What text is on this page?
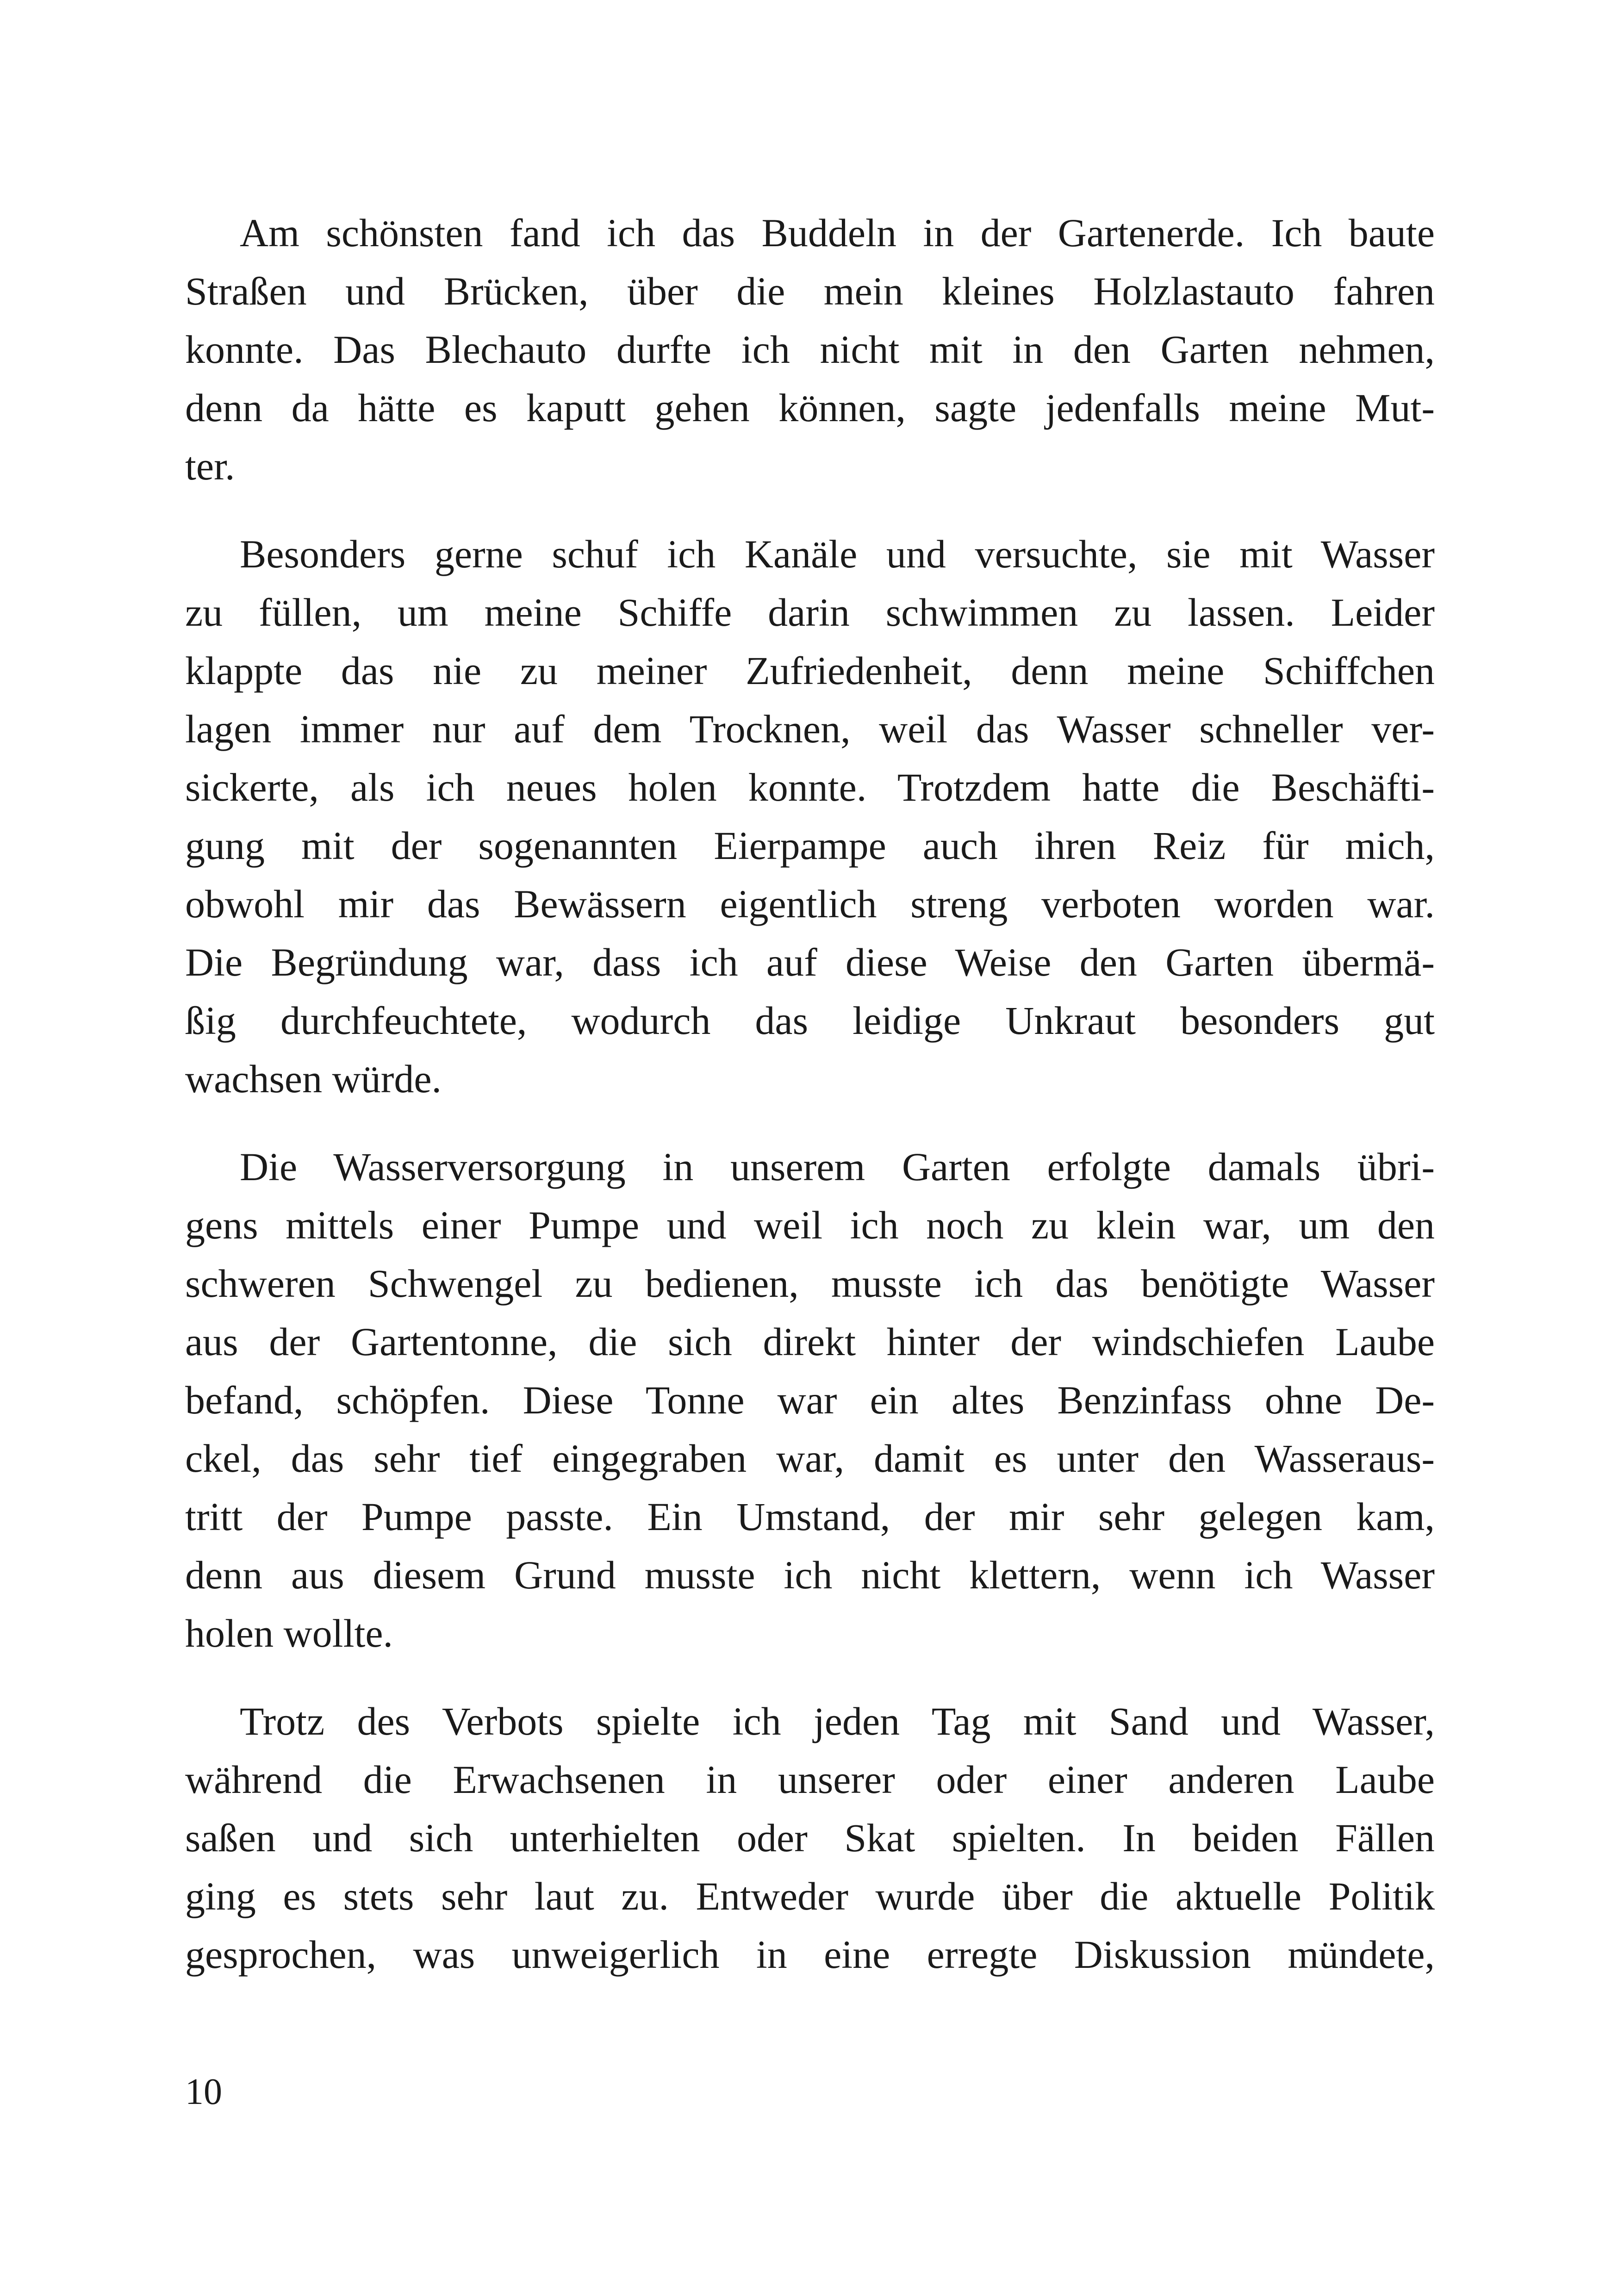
Am schönsten fand ich das Buddeln in der Gartenerde. Ich baute
Straßen und Brücken, über die mein kleines Holzlastauto fahren
konnte. Das Blechauto durfte ich nicht mit in den Garten nehmen,
denn da hätte es kaputt gehen können, sagte jedenfalls meine Mut-
ter.
Besonders gerne schuf ich Kanäle und versuchte, sie mit Wasser
zu füllen, um meine Schiffe darin schwimmen zu lassen. Leider
klappte das nie zu meiner Zufriedenheit, denn meine Schiffchen
lagen immer nur auf dem Trocknen, weil das Wasser schneller ver-
sickerte, als ich neues holen konnte. Trotzdem hatte die Beschäfti-
gung mit der sogenannten Eierpampe auch ihren Reiz für mich,
obwohl mir das Bewässern eigentlich streng verboten worden war.
Die Begründung war, dass ich auf diese Weise den Garten übermä-
ßig durchfeuchtete, wodurch das leidige Unkraut besonders gut
wachsen würde.
Die Wasserversorgung in unserem Garten erfolgte damals übri-
gens mittels einer Pumpe und weil ich noch zu klein war, um den
schweren Schwengel zu bedienen, musste ich das benötigte Wasser
aus der Gartentonne, die sich direkt hinter der windschiefen Laube
befand, schöpfen. Diese Tonne war ein altes Benzinfass ohne De-
ckel, das sehr tief eingegraben war, damit es unter den Wasseraus-
tritt der Pumpe passte. Ein Umstand, der mir sehr gelegen kam,
denn aus diesem Grund musste ich nicht klettern, wenn ich Wasser
holen wollte.
Trotz des Verbots spielte ich jeden Tag mit Sand und Wasser,
während die Erwachsenen in unserer oder einer anderen Laube
saßen und sich unterhielten oder Skat spielten. In beiden Fällen
ging es stets sehr laut zu. Entweder wurde über die aktuelle Politik
gesprochen, was unweigerlich in eine erregte Diskussion mündete,
10
